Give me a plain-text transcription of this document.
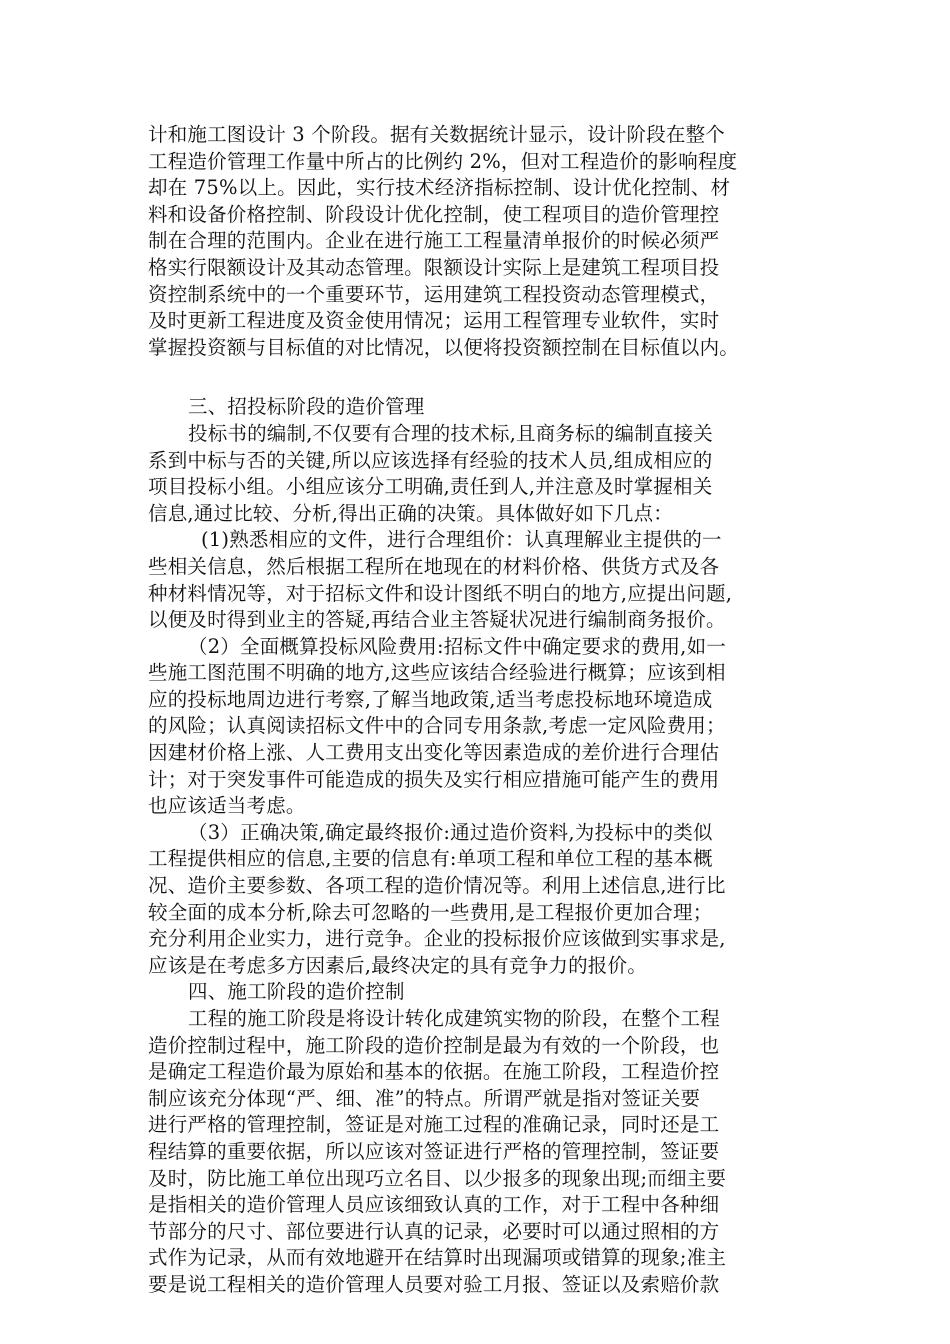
计和施工图设计 3 个阶段。据有关数据统计显示，设计阶段在整个
工程造价管理工作量中所占的比例约 2%，但对工程造价的影响程度
却在 75%以上。因此，实行技术经济指标控制、设计优化控制、材
料和设备价格控制、阶段设计优化控制，使工程项目的造价管理控
制在合理的范围内。企业在进行施工工程量清单报价的时候必须严
格实行限额设计及其动态管理。限额设计实际上是建筑工程项目投
资控制系统中的一个重要环节，运用建筑工程投资动态管理模式，
及时更新工程进度及资金使用情况；运用工程管理专业软件，实时
掌握投资额与目标值的对比情况，以便将投资额控制在目标值以内。
三、招投标阶段的造价管理
投标书的编制,不仅要有合理的技术标,且商务标的编制直接关
系到中标与否的关键,所以应该选择有经验的技术人员,组成相应的
项目投标小组。小组应该分工明确,责任到人,并注意及时掌握相关
信息,通过比较、分析,得出正确的决策。具体做好如下几点：
(1)熟悉相应的文件，进行合理组价：认真理解业主提供的一
些相关信息，然后根据工程所在地现在的材料价格、供货方式及各
种材料情况等，对于招标文件和设计图纸不明白的地方,应提出问题,
以便及时得到业主的答疑,再结合业主答疑状况进行编制商务报价。
（2）全面概算投标风险费用:招标文件中确定要求的费用,如一
些施工图范围不明确的地方,这些应该结合经验进行概算；应该到相
应的投标地周边进行考察,了解当地政策,适当考虑投标地环境造成
的风险；认真阅读招标文件中的合同专用条款,考虑一定风险费用；
因建材价格上涨、人工费用支出变化等因素造成的差价进行合理估
计；对于突发事件可能造成的损失及实行相应措施可能产生的费用
也应该适当考虑。
（3）正确决策,确定最终报价:通过造价资料,为投标中的类似
工程提供相应的信息,主要的信息有:单项工程和单位工程的基本概
况、造价主要参数、各项工程的造价情况等。利用上述信息,进行比
较全面的成本分析,除去可忽略的一些费用,是工程报价更加合理；
充分利用企业实力，进行竞争。企业的投标报价应该做到实事求是,
应该是在考虑多方因素后,最终决定的具有竞争力的报价。
四、施工阶段的造价控制
工程的施工阶段是将设计转化成建筑实物的阶段，在整个工程
造价控制过程中，施工阶段的造价控制是最为有效的一个阶段，也
是确定工程造价最为原始和基本的依据。在施工阶段，工程造价控
制应该充分体现“严、细、准”的特点。所谓严就是指对签证关要
进行严格的管理控制，签证是对施工过程的准确记录，同时还是工
程结算的重要依据，所以应该对签证进行严格的管理控制，签证要
及时，防比施工单位出现巧立名目、以少报多的现象出现;而细主要
是指相关的造价管理人员应该细致认真的工作，对于工程中各种细
节部分的尺寸、部位要进行认真的记录，必要时可以通过照相的方
式作为记录，从而有效地避开在结算时出现漏项或错算的现象;准主
要是说工程相关的造价管理人员要对验工月报、签证以及索赔价款
